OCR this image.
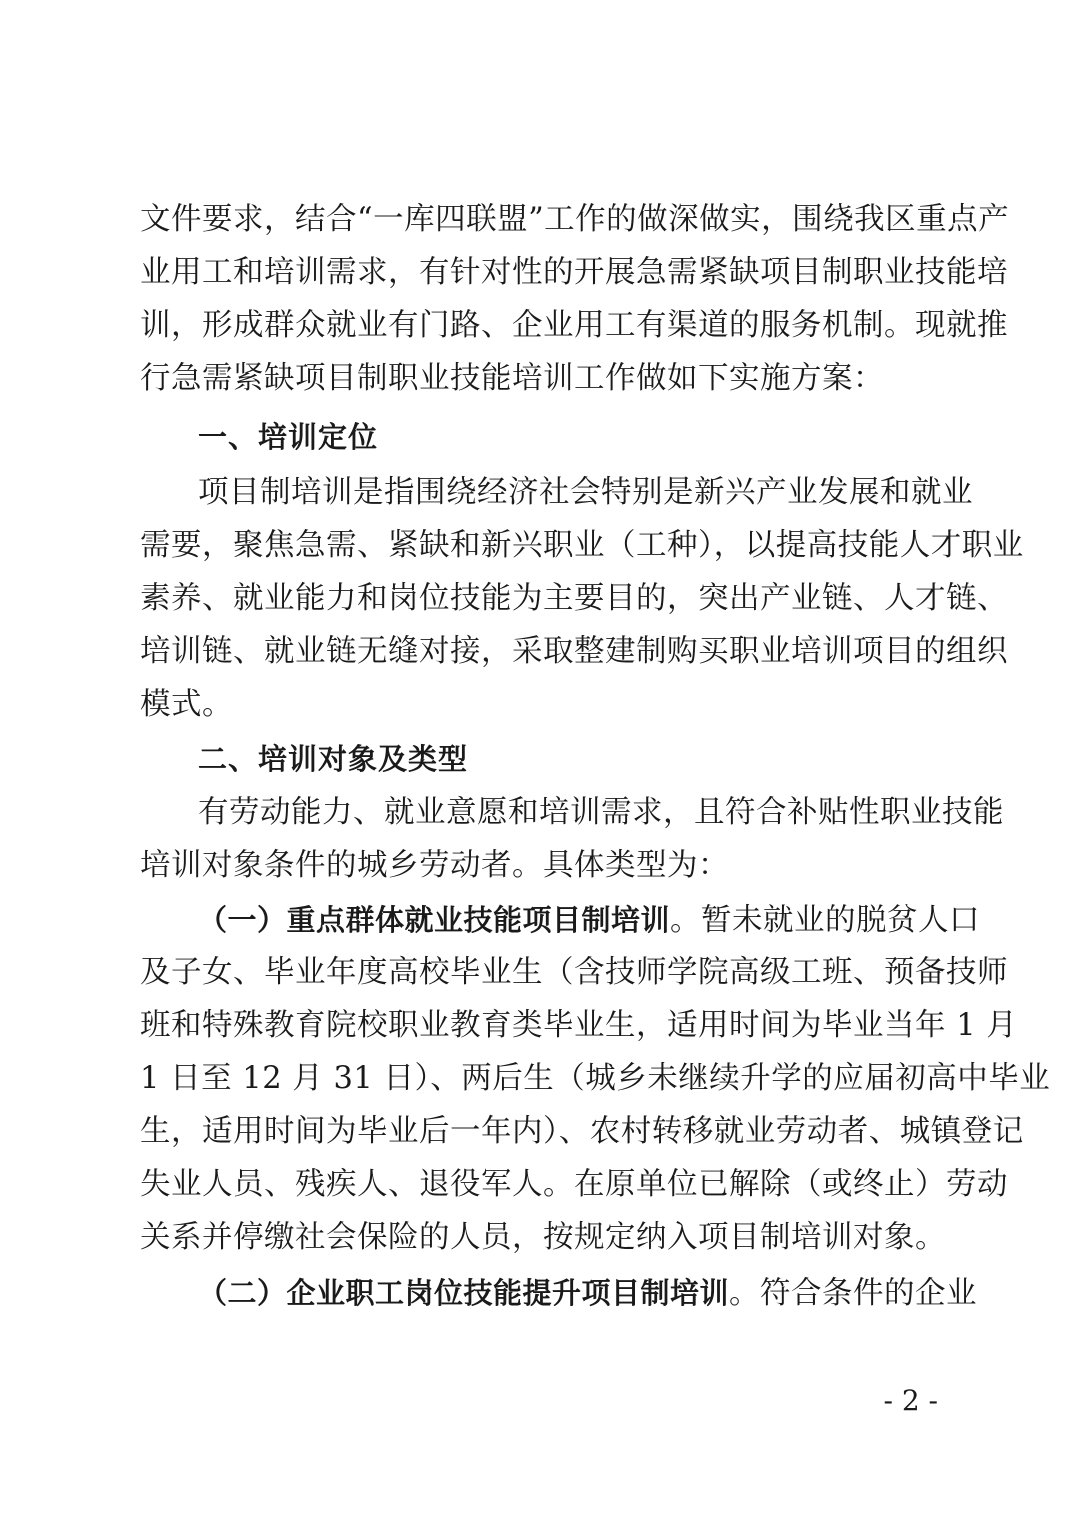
文件要求，结合“一库四联盟”工作的做深做实，围绕我区重点产
业用工和培训需求，有针对性的开展急需紧缺项目制职业技能培
训，形成群众就业有门路、企业用工有渠道的服务机制。现就推
行急需紧缺项目制职业技能培训工作做如下实施方案：
一、培训定位
项目制培训是指围绕经济社会特别是新兴产业发展和就业
需要，聚焦急需、紧缺和新兴职业（工种），以提高技能人才职业
素养、就业能力和岗位技能为主要目的，突出产业链、人才链、
培训链、就业链无缝对接，采取整建制购买职业培训项目的组织
模式。
二、培训对象及类型
有劳动能力、就业意愿和培训需求，且符合补贴性职业技能
培训对象条件的城乡劳动者。具体类型为：
（一）重点群体就业技能项目制培训。暂未就业的脱贫人口
及子女、毕业年度高校毕业生（含技师学院高级工班、预备技师
班和特殊教育院校职业教育类毕业生，适用时间为毕业当年 1 月
1 日至 12 月 31 日）、两后生（城乡未继续升学的应届初高中毕业
生，适用时间为毕业后一年内）、农村转移就业劳动者、城镇登记
失业人员、残疾人、退役军人。在原单位已解除（或终止）劳动
关系并停缴社会保险的人员，按规定纳入项目制培训对象。
（二）企业职工岗位技能提升项目制培训。符合条件的企业
- 2 -
